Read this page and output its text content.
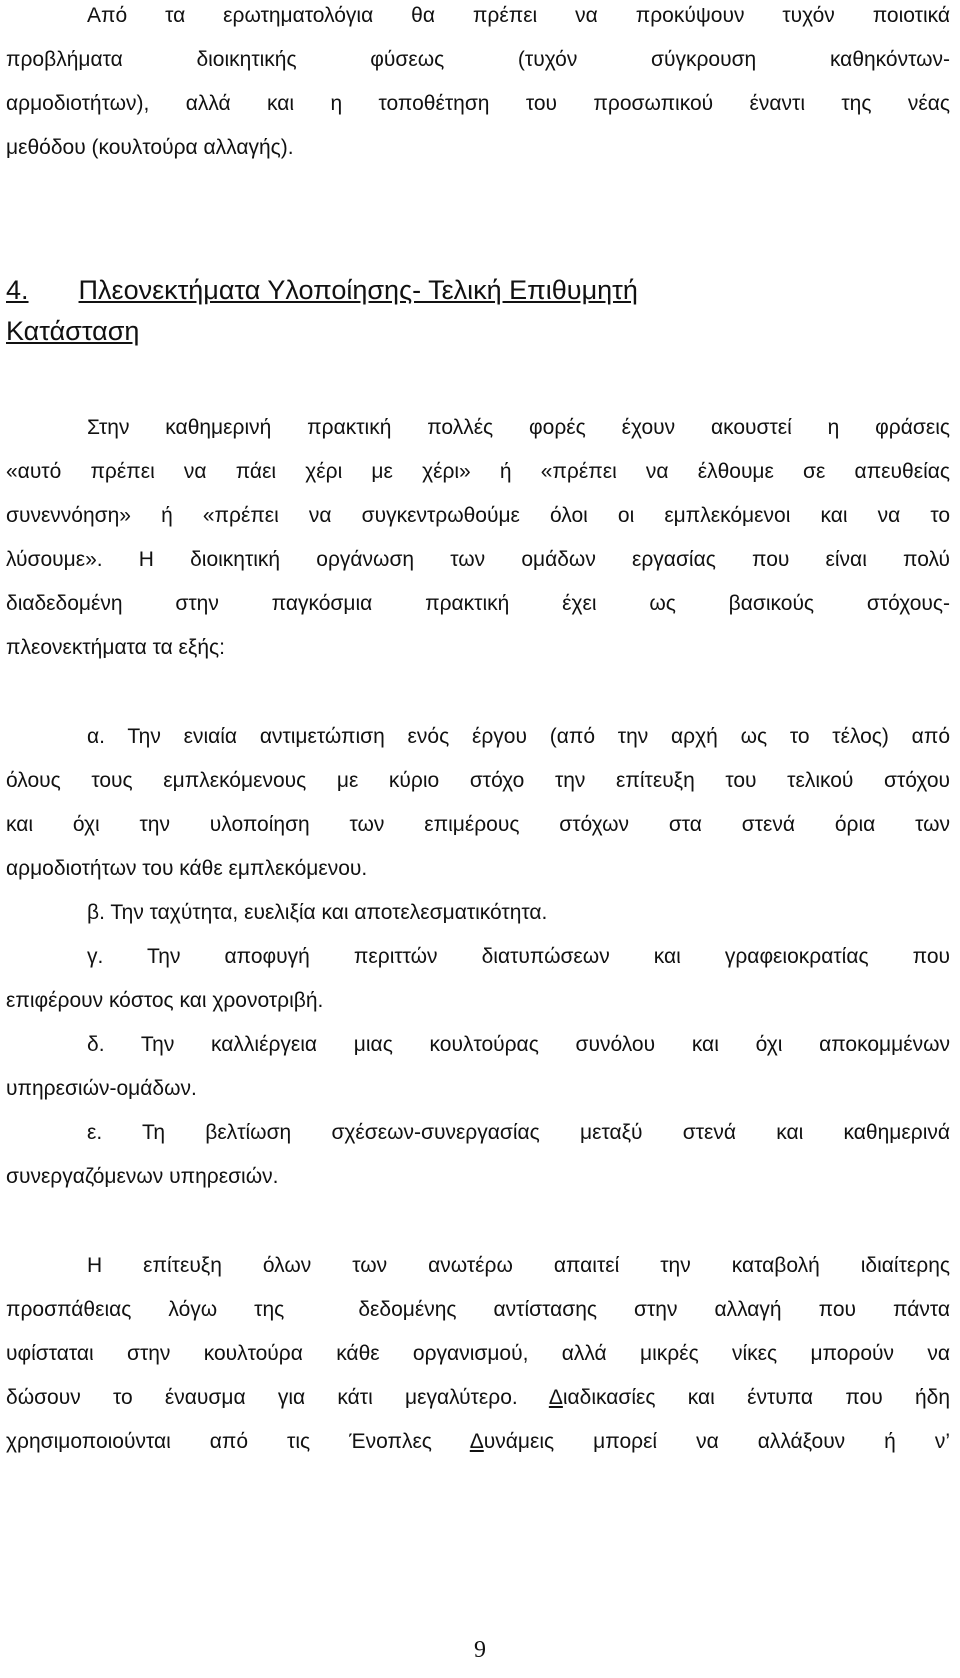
Από τα ερωτηματολόγια θα πρέπει να προκύψουν τυχόν ποιοτικά
προβλήματα διοικητικής φύσεως (τυχόν σύγκρουση καθηκόντων-
αρμοδιοτήτων), αλλά και η τοποθέτηση του προσωπικού έναντι της νέας
μεθόδου (κουλτούρα αλλαγής).
4. Πλεονεκτήματα Υλοποίησης- Τελική Επιθυμητή
Κατάσταση
Στην καθημερινή πρακτική πολλές φορές έχουν ακουστεί η φράσεις
«αυτό πρέπει να πάει χέρι με χέρι» ή «πρέπει να έλθουμε σε απευθείας
συνεννόηση» ή «πρέπει να συγκεντρωθούμε όλοι οι εμπλεκόμενοι και να το
λύσουμε». Η διοικητική οργάνωση των ομάδων εργασίας που είναι πολύ
διαδεδομένη στην παγκόσμια πρακτική έχει ως βασικούς στόχους-
πλεονεκτήματα τα εξής:
α. Την ενιαία αντιμετώπιση ενός έργου (από την αρχή ως το τέλος) από
όλους τους εμπλεκόμενους με κύριο στόχο την επίτευξη του τελικού στόχου
και όχι την υλοποίηση των επιμέρους στόχων στα στενά όρια των
αρμοδιοτήτων του κάθε εμπλεκόμενου.
β. Την ταχύτητα, ευελιξία και αποτελεσματικότητα.
γ. Την αποφυγή περιττών διατυπώσεων και γραφειοκρατίας που
επιφέρουν κόστος και χρονοτριβή.
δ. Την καλλιέργεια μιας κουλτούρας συνόλου και όχι αποκομμένων
υπηρεσιών-ομάδων.
ε. Τη βελτίωση σχέσεων-συνεργασίας μεταξύ στενά και καθημερινά
συνεργαζόμενων υπηρεσιών.
Η επίτευξη όλων των ανωτέρω απαιτεί την καταβολή ιδιαίτερης
προσπάθειας λόγω της  δεδομένης αντίστασης στην αλλαγή που πάντα
υφίσταται στην κουλτούρα κάθε οργανισμού, αλλά μικρές νίκες μπορούν να
δώσουν το έναυσμα για κάτι μεγαλύτερο. Διαδικασίες και έντυπα που ήδη
χρησιμοποιούνται από τις Ένοπλες Δυνάμεις μπορεί να αλλάξουν ή ν’
9
